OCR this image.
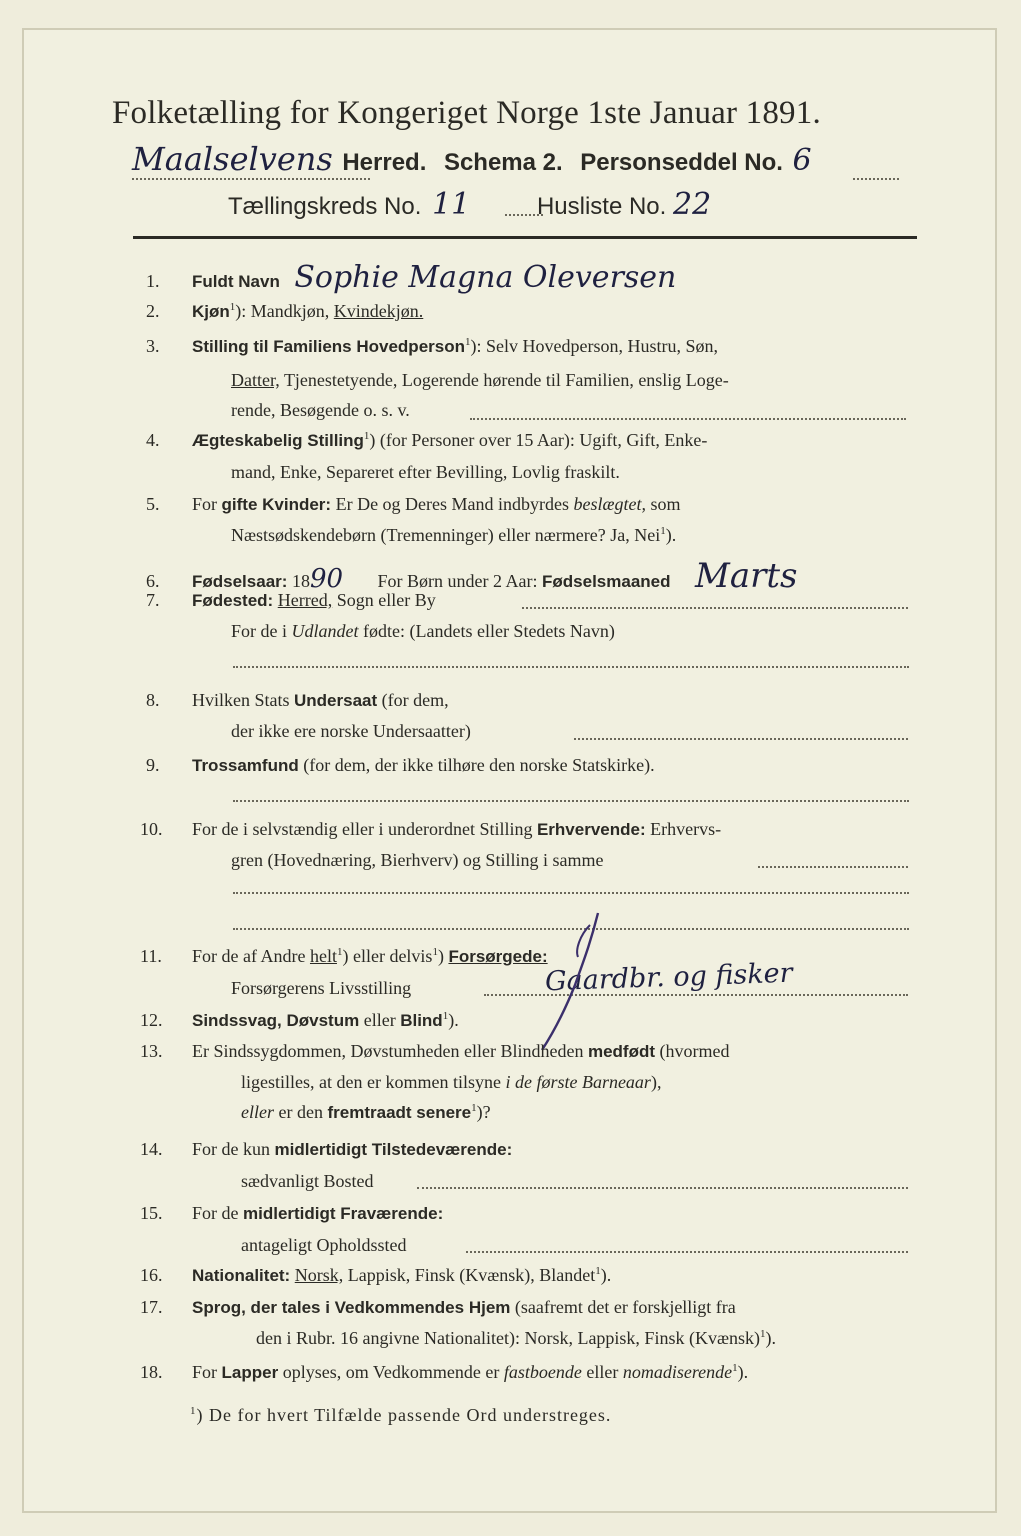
Folketælling for Kongeriget Norge 1ste Januar 1891.
Maalselvens Herred. Schema 2. Personseddel No. 6
Tællingskreds No. 11	Husliste No. 22
1. Fuldt Navn Sophie Magna Oleversen
2. Kjøn$^1$): Mandkjøn, Kvindekjøn.
3. Stilling til Familiens Hovedperson$^1$): Selv Hovedperson, Hustru, Søn,
Datter, Tjenestetyende, Logerende hørende til Familien, enslig Loge-
rende, Besøgende o. s. v.
4. Ægteskabelig Stilling$^1$) (for Personer over 15 Aar): Ugift, Gift, Enke-
mand, Enke, Separeret efter Bevilling, Lovlig fraskilt.
5. For gifte Kvinder: Er De og Deres Mand indbyrdes beslægtet, som
Næstsødskendebørn (Tremenninger) eller nærmere? Ja, Nei$^1$).
6. Fødselsaar: 1890 For Børn under 2 Aar: Fødselsmaaned Marts
7. Fødested: Herred, Sogn eller By
For de i Udlandet fødte: (Landets eller Stedets Navn)
8. Hvilken Stats Undersaat (for dem,
der ikke ere norske Undersaatter)
9. Trossamfund (for dem, der ikke tilhøre den norske Statskirke).
10. For de i selvstændig eller i underordnet Stilling Erhvervende: Erhvervs-
gren (Hovednæring, Bierhverv) og Stilling i samme
11. For de af Andre helt$^1$) eller delvis$^1$) Forsørgede:
Forsørgerens Livsstilling	Gaardbr. og fisker
12. Sindssvag, Døvstum eller Blind$^1$).
13. Er Sindssygdommen, Døvstumheden eller Blindheden medfødt (hvormed
ligestilles, at den er kommen tilsyne i de første Barneaar),
eller er den fremtraadt senere$^1$)?
14. For de kun midlertidigt Tilstedeværende:
sædvanligt Bosted
15. For de midlertidigt Fraværende:
antageligt Opholdssted
16. Nationalitet: Norsk, Lappisk, Finsk (Kvænsk), Blandet$^1$).
17. Sprog, der tales i Vedkommendes Hjem (saafremt det er forskjelligt fra
den i Rubr. 16 angivne Nationalitet): Norsk, Lappisk, Finsk (Kvænsk)$^1$).
18. For Lapper oplyses, om Vedkommende er fastboende eller nomadiserende$^1$).
$^1$) De for hvert Tilfælde passende Ord understreges.
